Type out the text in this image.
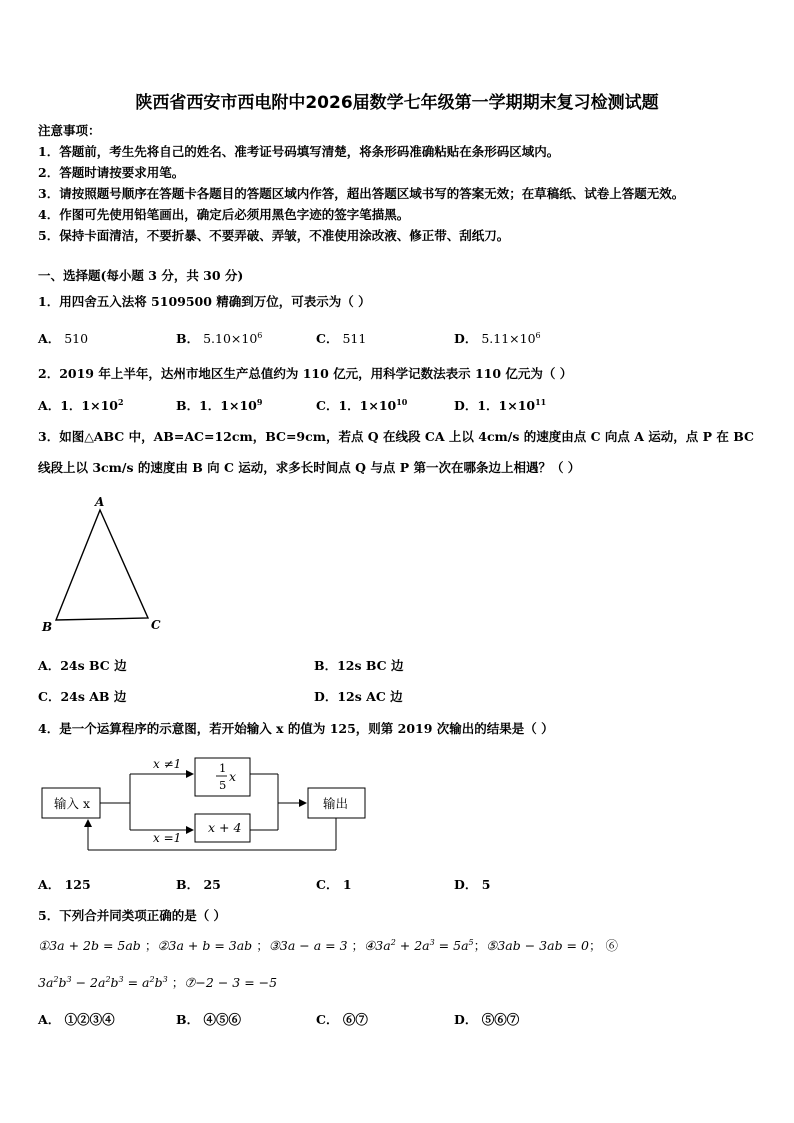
陕西省西安市西电附中2026届数学七年级第一学期期末复习检测试题
注意事项：
1．答题前，考生先将自己的姓名、准考证号码填写清楚，将条形码准确粘贴在条形码区域内。
2．答题时请按要求用笔。
3．请按照题号顺序在答题卡各题目的答题区域内作答，超出答题区域书写的答案无效；在草稿纸、试卷上答题无效。
4．作图可先使用铅笔画出，确定后必须用黑色字迹的签字笔描黑。
5．保持卡面清洁，不要折暴、不要弄破、弄皱，不准使用涂改液、修正带、刮纸刀。
一、选择题(每小题 3 分，共 30 分)
1．用四舍五入法将 5109500 精确到万位，可表示为（ ）
A． 510	B． $5.10\times 10^6$	C． 511	D． $5.11\times 10^6$
2．2019 年上半年，达州市地区生产总值约为 110 亿元，用科学记数法表示 110 亿元为（ ）
A．1．$1\times 10^2$	B．1．$1\times 10^9$	C．1．$1\times 10^{10}$	D．1．$1\times 10^{11}$
3．如图△ABC 中，AB=AC=12cm，BC=9cm，若点 Q 在线段 CA 上以 4cm/s 的速度由点 C 向点 A 运动，点 P 在 BC
线段上以 3cm/s 的速度由 B 向 C 运动，求多长时间点 Q 与点 P 第一次在哪条边上相遇？（ ）
A
B	C
A．24s BC 边	B．12s BC 边
C．24s AB 边	D．12s AC 边
4．是一个运算程序的示意图，若开始输入 x 的值为 125，则第 2019 次输出的结果是（ ）
输入 x
x ≠1	1
5
x
x =1
x + 4
输出
A． 125	B． 25	C． 1	D． 5
5．下列合并同类项正确的是（ ）
①3a + 2b = 5ab ；②3a + b = 3ab ；③3a − a = 3 ；$④3a^2 + 2a^3 = 5a^5$；⑤3ab − 3ab = 0； ⑥
$3a^2b^3 - 2a^2b^3 = a^2b^3$ ；⑦−2 − 3 = −5
A． ①②③④	B． ④⑤⑥	C． ⑥⑦	D． ⑤⑥⑦
